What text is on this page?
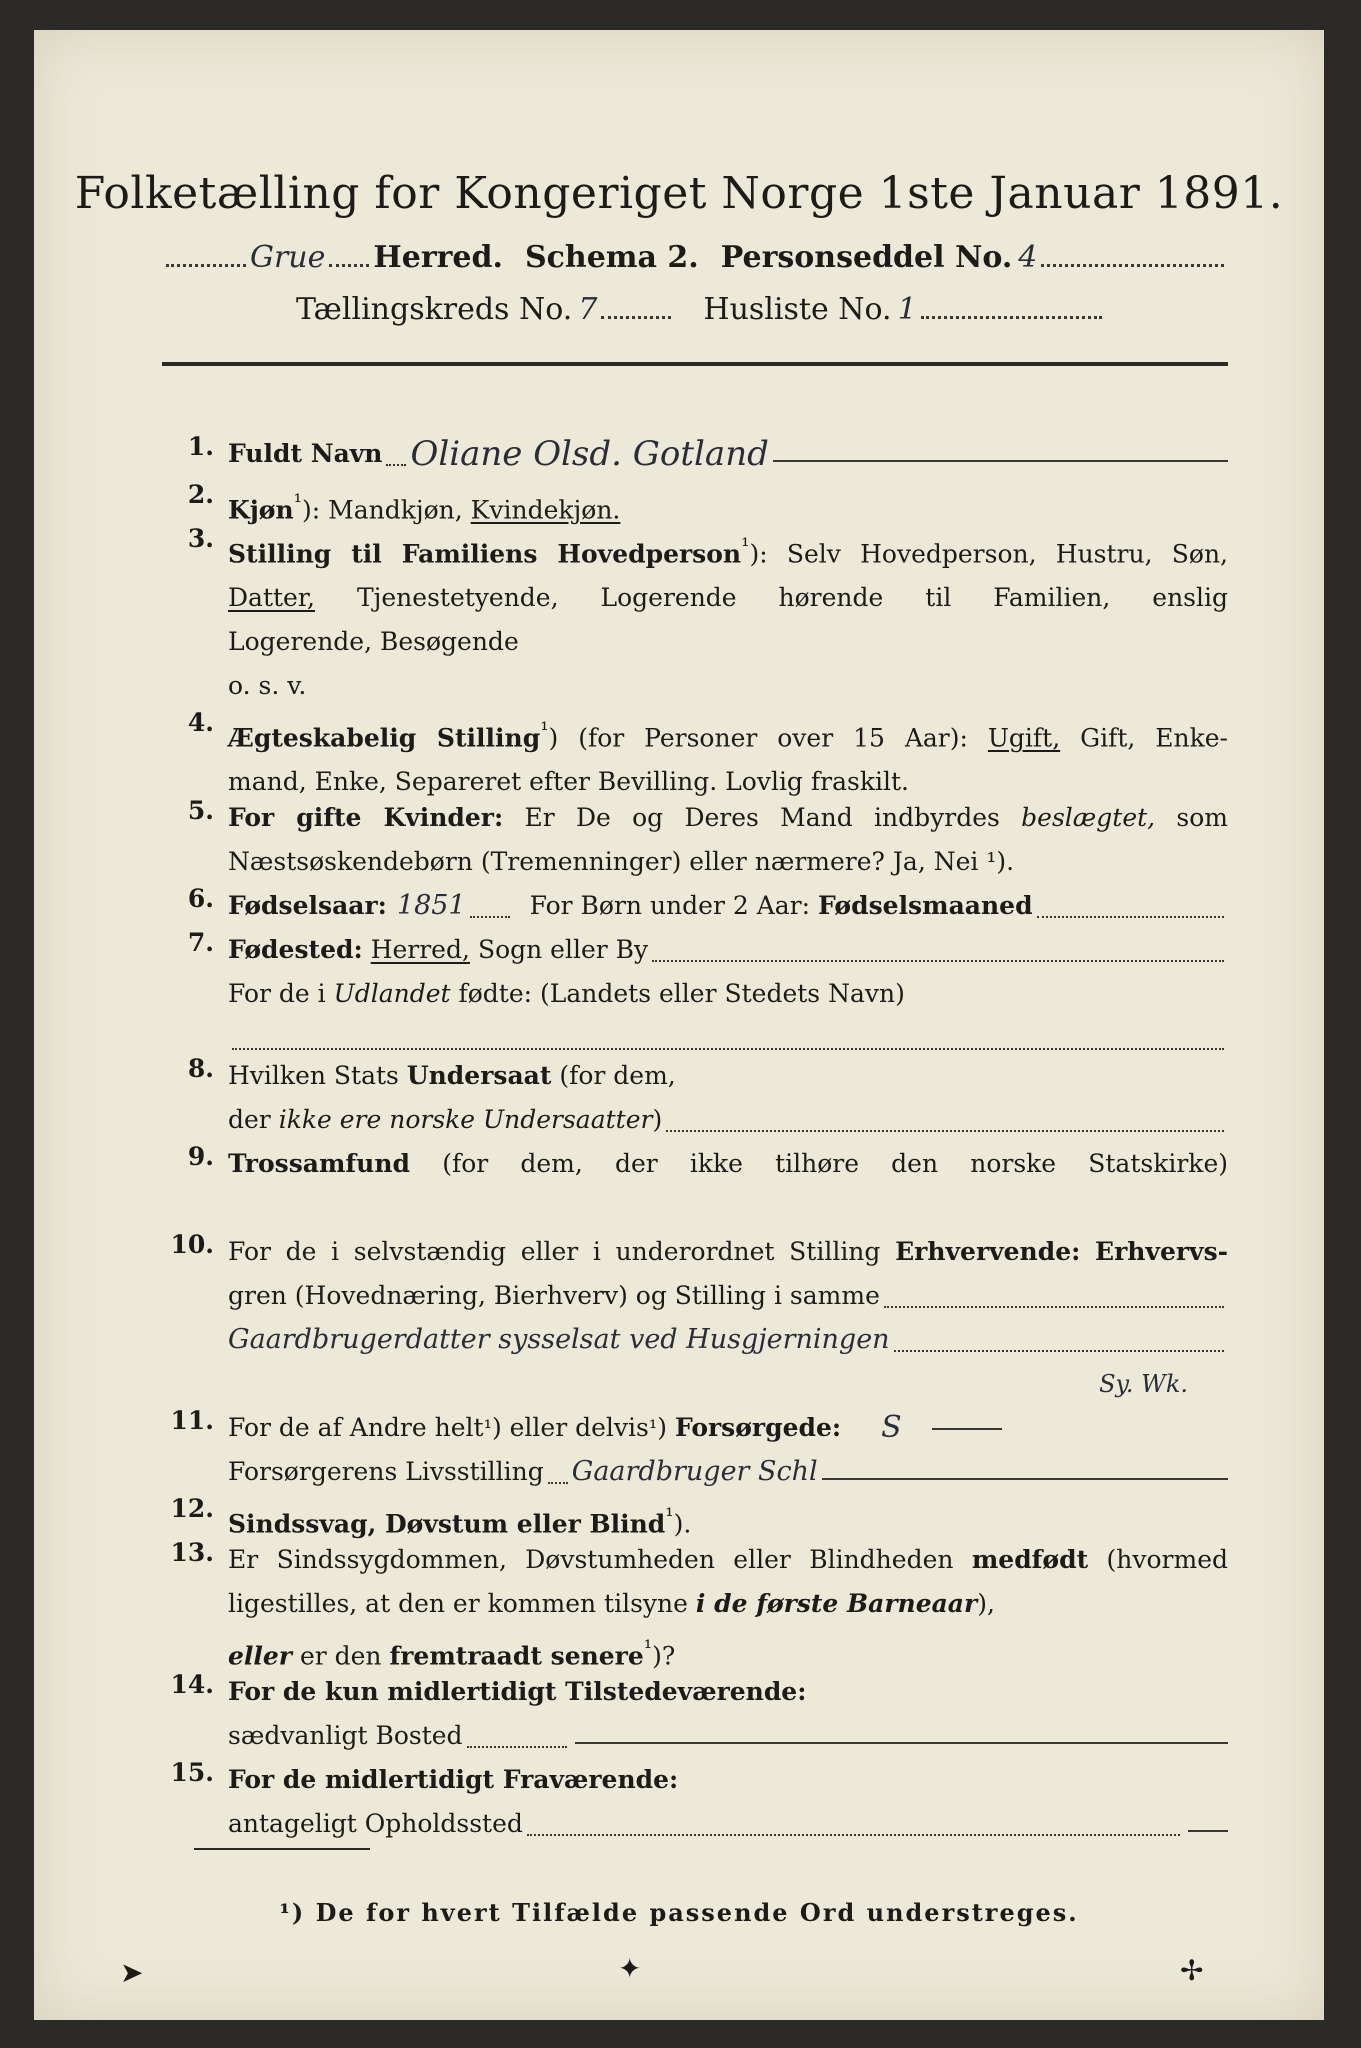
Folketælling for Kongeriget Norge 1ste Januar 1891.
Grue Herred. Schema 2. Personseddel No. 4
Tællingskreds No. 7	Husliste No. 1
1. Fuldt Navn Oliane Olsd. Gotland
2.
Kjøn$^{^1}$): Mandkjøn, Kvindekjøn.
3.
Stilling til Familiens Hovedperson$^{^1}$): Selv Hovedperson, Hustru, Søn,
Datter, Tjenestetyende, Logerende hørende til Familien, enslig
Logerende, Besøgende
o. s. v.
4.
Ægteskabelig Stilling$^{^1}$) (for Personer over 15 Aar): Ugift, Gift, Enke-
mand, Enke, Separeret efter Bevilling. Lovlig fraskilt.
5. For gifte Kvinder: Er De og Deres Mand indbyrdes beslægtet, som
Næstsøskendebørn (Tremenninger) eller nærmere? Ja, Nei ¹).
6. Fødselsaar: 1851	For Børn under 2 Aar: Fødselsmaaned
7. Fødested: Herred, Sogn eller By
For de i Udlandet fødte: (Landets eller Stedets Navn)
8. Hvilken Stats Undersaat (for dem,
der
ikke ere norske Undersaatter )
9. Trossamfund (for dem, der ikke tilhøre den norske Statskirke)
10. For de i selvstændig eller i underordnet Stilling Erhvervende: Erhvervs-
gren (Hovednæring, Bierhverv) og Stilling i samme
Gaardbrugerdatter sysselsat ved Husgjerningen
Sy. Wk.
11. For de af Andre helt ¹ ) eller delvis ¹ )
Forsørgede: S
Forsørgerens Livsstilling Gaardbruger Schl
12.
Sindssvag, Døvstum eller Blind$^{^1}$).
13. Er Sindssygdommen, Døvstumheden eller Blindheden medfødt (hvormed
ligestilles, at den er kommen tilsyne i de første Barneaar),
eller er den fremtraadt senere$^{^1}$)?
14. For de kun midlertidigt Tilstedeværende:
sædvanligt Bosted
15. For de midlertidigt Fraværende:
antageligt Opholdssted
¹) De for hvert Tilfælde passende Ord understreges.
➤	✦	✢
